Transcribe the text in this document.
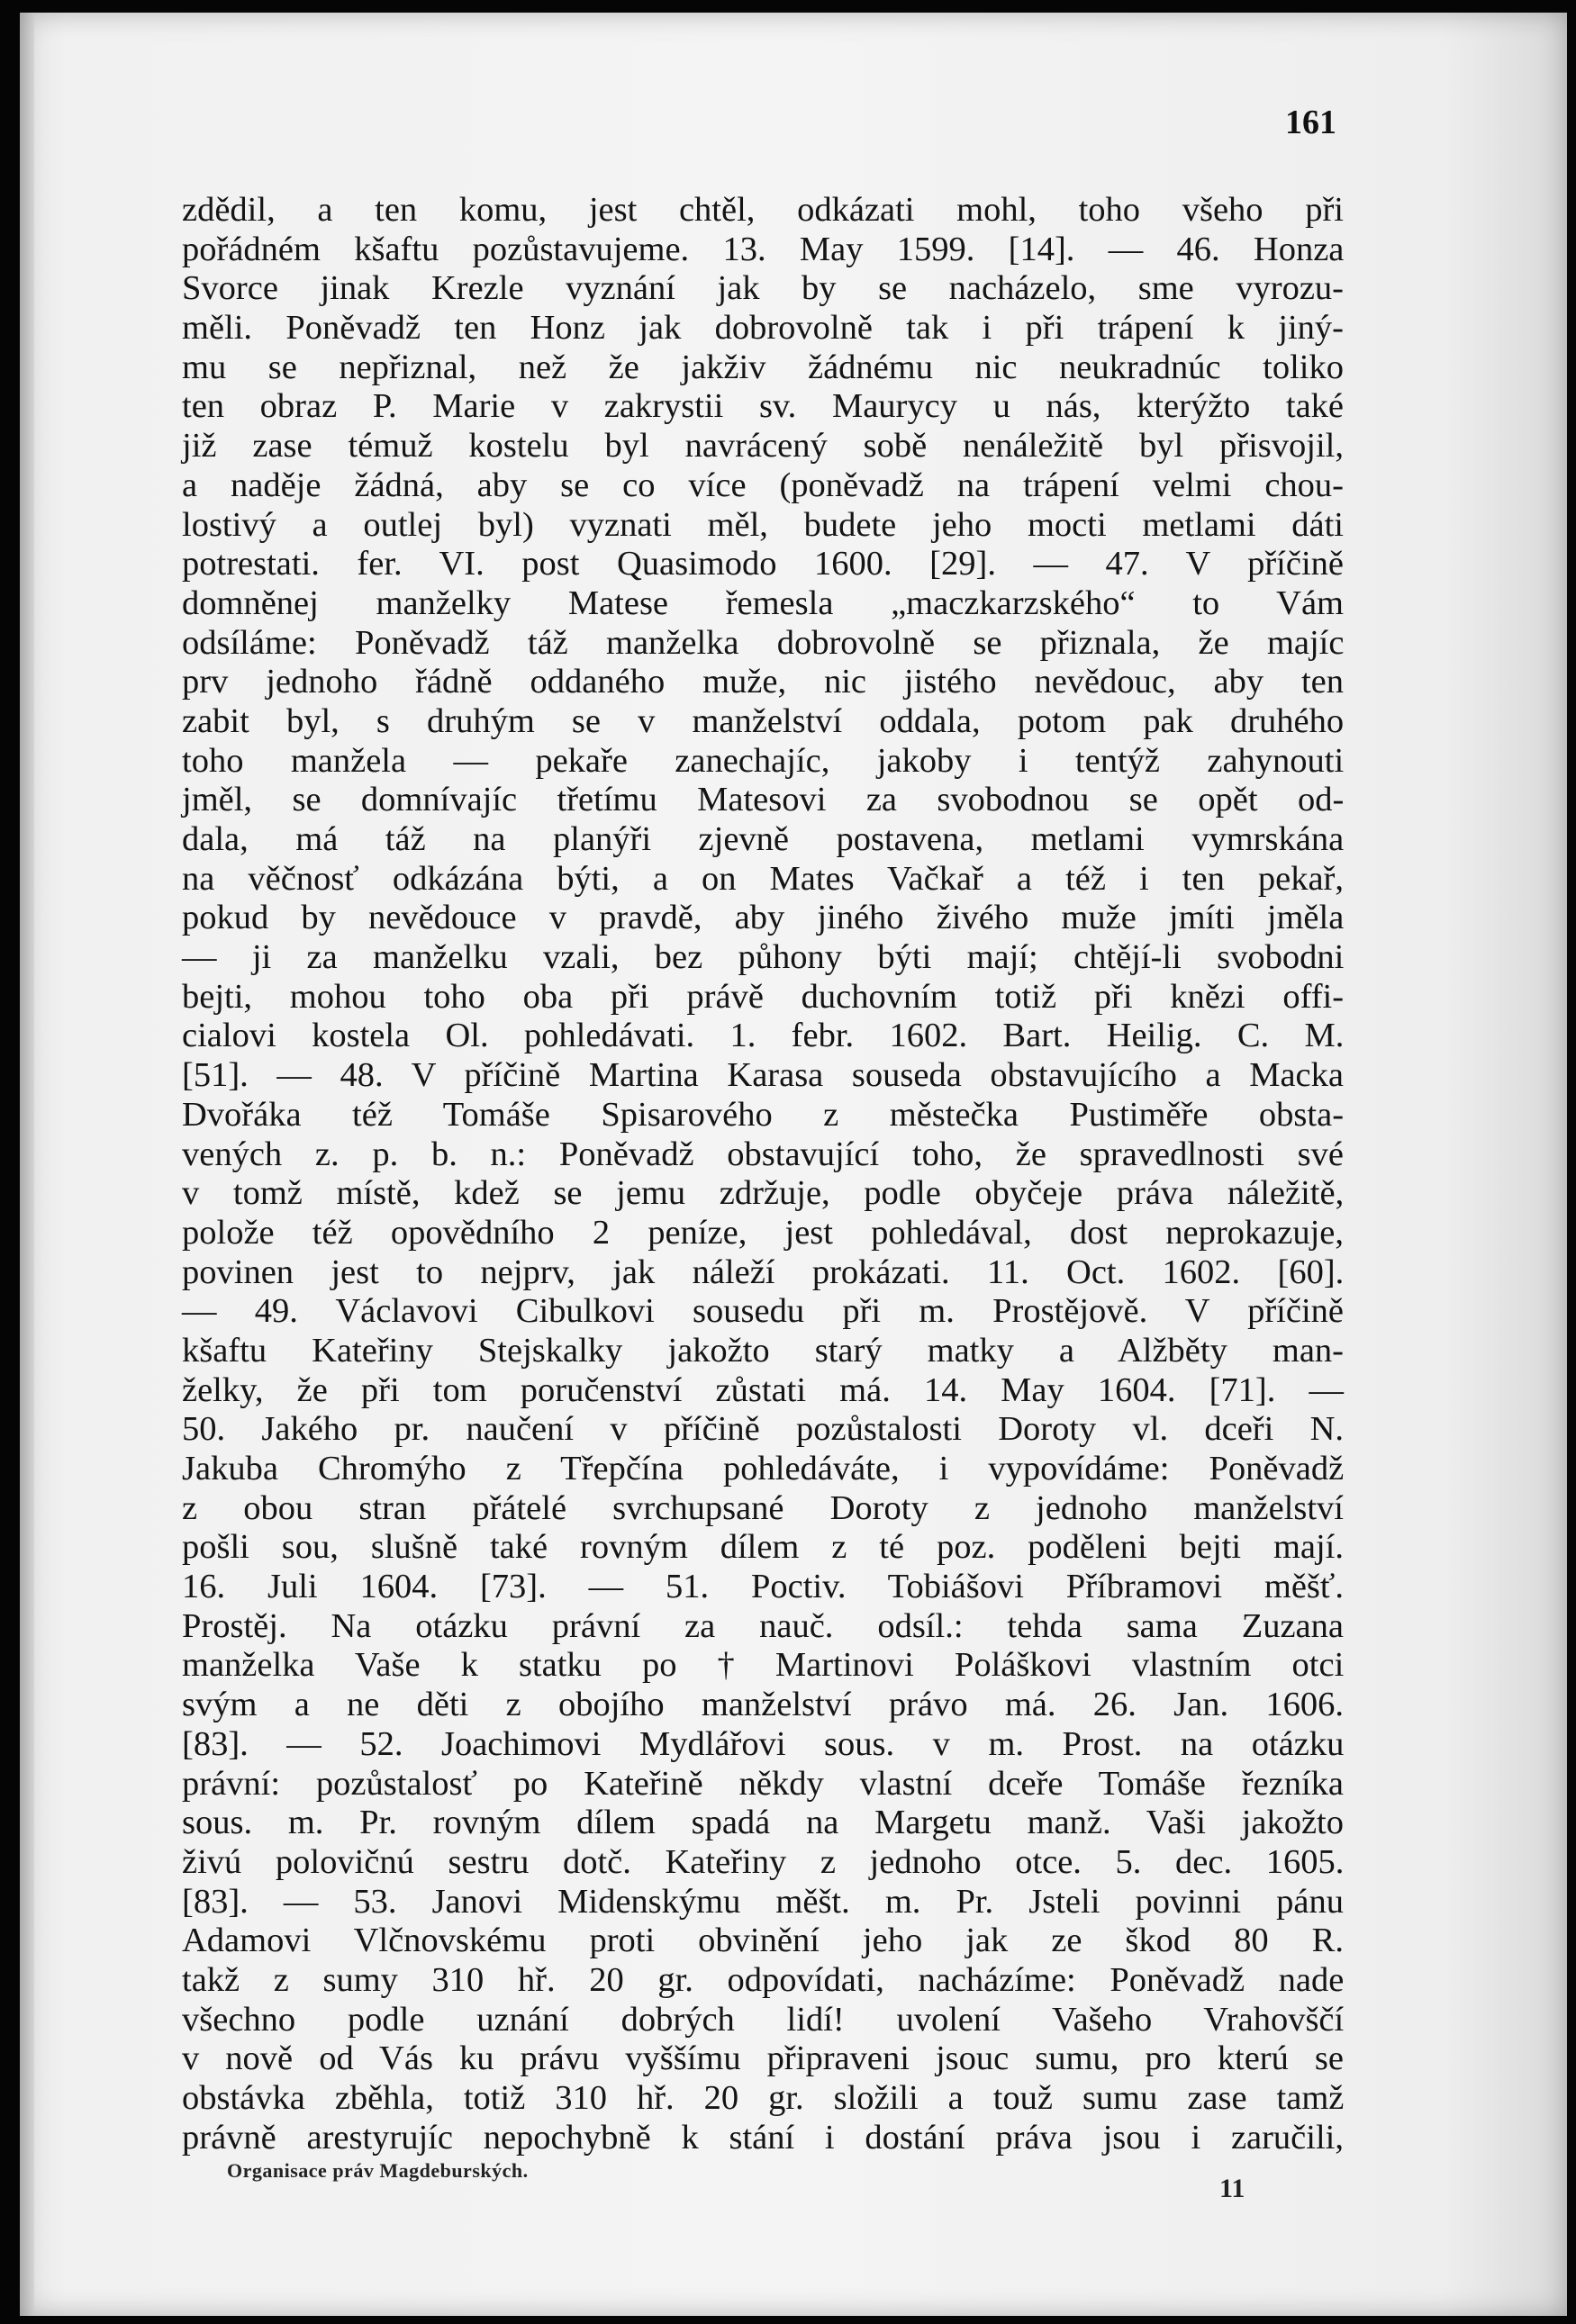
161
zdědil, a ten komu, jest chtěl, odkázati mohl, toho všeho při
pořádném kšaftu pozůstavujeme. 13. May 1599. [14]. — 46. Honza
Svorce jinak Krezle vyznání jak by se nacházelo, sme vyrozu-
měli. Poněvadž ten Honz jak dobrovolně tak i při trápení k jiný-
mu se nepřiznal, než že jakživ žádnému nic neukradnúc toliko
ten obraz P. Marie v zakrystii sv. Maurycy u nás, kterýžto také
již zase témuž kostelu byl navrácený sobě nenáležitě byl přisvojil,
a naděje žádná, aby se co více (poněvadž na trápení velmi chou-
lostivý a outlej byl) vyznati měl, budete jeho mocti metlami dáti
potrestati. fer. VI. post Quasimodo 1600. [29]. — 47. V příčině
domněnej manželky Matese řemesla „maczkarzského“ to Vám
odsíláme: Poněvadž táž manželka dobrovolně se přiznala, že majíc
prv jednoho řádně oddaného muže, nic jistého nevědouc, aby ten
zabit byl, s druhým se v manželství oddala, potom pak druhého
toho manžela — pekaře zanechajíc, jakoby i tentýž zahynouti
jměl, se domnívajíc třetímu Matesovi za svobodnou se opět od-
dala, má táž na planýři zjevně postavena, metlami vymrskána
na věčnosť odkázána býti, a on Mates Vačkař a též i ten pekař,
pokud by nevědouce v pravdě, aby jiného živého muže jmíti jměla
— ji za manželku vzali, bez půhony býti mají; chtějí-li svobodni
bejti, mohou toho oba při právě duchovním totiž při knězi offi-
cialovi kostela Ol. pohledávati. 1. febr. 1602. Bart. Heilig. C. M.
[51]. — 48. V příčině Martina Karasa souseda obstavujícího a Macka
Dvořáka též Tomáše Spisarového z městečka Pustiměře obsta-
vených z. p. b. n.: Poněvadž obstavující toho, že spravedlnosti své
v tomž místě, kdež se jemu zdržuje, podle obyčeje práva náležitě,
polože též opovědního 2 peníze, jest pohledával, dost neprokazuje,
povinen jest to nejprv, jak náleží prokázati. 11. Oct. 1602. [60].
— 49. Václavovi Cibulkovi sousedu při m. Prostějově. V příčině
kšaftu Kateřiny Stejskalky jakožto starý matky a Alžběty man-
želky, že při tom poručenství zůstati má. 14. May 1604. [71]. —
50. Jakého pr. naučení v příčině pozůstalosti Doroty vl. dceři N.
Jakuba Chromýho z Třepčína pohledáváte, i vypovídáme: Poněvadž
z obou stran přátelé svrchupsané Doroty z jednoho manželství
pošli sou, slušně také rovným dílem z té poz. poděleni bejti mají.
16. Juli 1604. [73]. — 51. Poctiv. Tobiášovi Příbramovi měšť.
Prostěj. Na otázku právní za nauč. odsíl.: tehda sama Zuzana
manželka Vaše k statku po † Martinovi Poláškovi vlastním otci
svým a ne děti z obojího manželství právo má. 26. Jan. 1606.
[83]. — 52. Joachimovi Mydlářovi sous. v m. Prost. na otázku
právní: pozůstalosť po Kateřině někdy vlastní dceře Tomáše řezníka
sous. m. Pr. rovným dílem spadá na Margetu manž. Vaši jakožto
živú polovičnú sestru dotč. Kateřiny z jednoho otce. 5. dec. 1605.
[83]. — 53. Janovi Midenskýmu měšt. m. Pr. Jsteli povinni pánu
Adamovi Vlčnovskému proti obvinění jeho jak ze škod 80 R.
takž z sumy 310 hř. 20 gr. odpovídati, nacházíme: Poněvadž nade
všechno podle uznání dobrých lidí! uvolení Vašeho Vrahovščí
v nově od Vás ku právu vyššímu připraveni jsouc sumu, pro kterú se
obstávka zběhla, totiž 310 hř. 20 gr. složili a touž sumu zase tamž
právně arestyrujíc nepochybně k stání i dostání práva jsou i zaručili,
Organisace práv Magdeburských.
11
